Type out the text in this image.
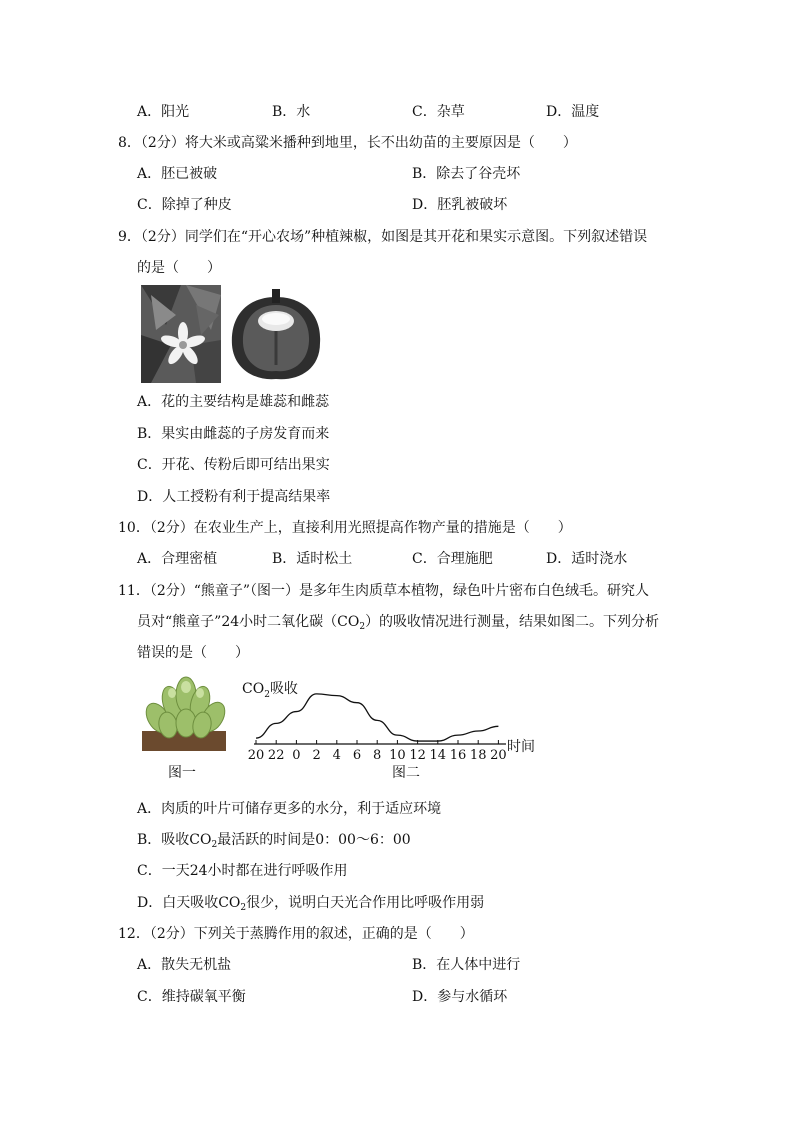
A．阳光	B．水	C．杂草	D．温度
8．（2分）将大米或高粱米播种到地里，长不出幼苗的主要原因是（　　）
A．胚已被破	B．除去了谷壳坏
C．除掉了种皮	D．胚乳被破坏
9．（2分）同学们在“开心农场”种植辣椒，如图是其开花和果实示意图。下列叙述错误
的是（　　）
A．花的主要结构是雄蕊和雌蕊
B．果实由雌蕊的子房发育而来
C．开花、传粉后即可结出果实
D．人工授粉有利于提高结果率
10．（2分）在农业生产上，直接利用光照提高作物产量的措施是（　　）
A．合理密植	B．适时松土	C．合理施肥	D．适时浇水
11．（2分）“熊童子”（图一）是多年生肉质草本植物，绿色叶片密布白色绒毛。研究人
员对“熊童子”24小时二氧化碳$(CO_2)$的吸收情况进行测量，结果如图二。下列分析
错误的是（　　）
图一
$CO_2$吸收
20 22 0 2 4 6 8 10 12 14 16 18 20
时间
图二
A．肉质的叶片可储存更多的水分，利于适应环境
B．吸收$CO_2$最活跃的时间是0：00～6：00
C．一天24小时都在进行呼吸作用
D．白天吸收$CO_2$很少，说明白天光合作用比呼吸作用弱
12．（2分）下列关于蒸腾作用的叙述，正确的是（　　）
A．散失无机盐	B．在人体中进行
C．维持碳氧平衡	D．参与水循环
